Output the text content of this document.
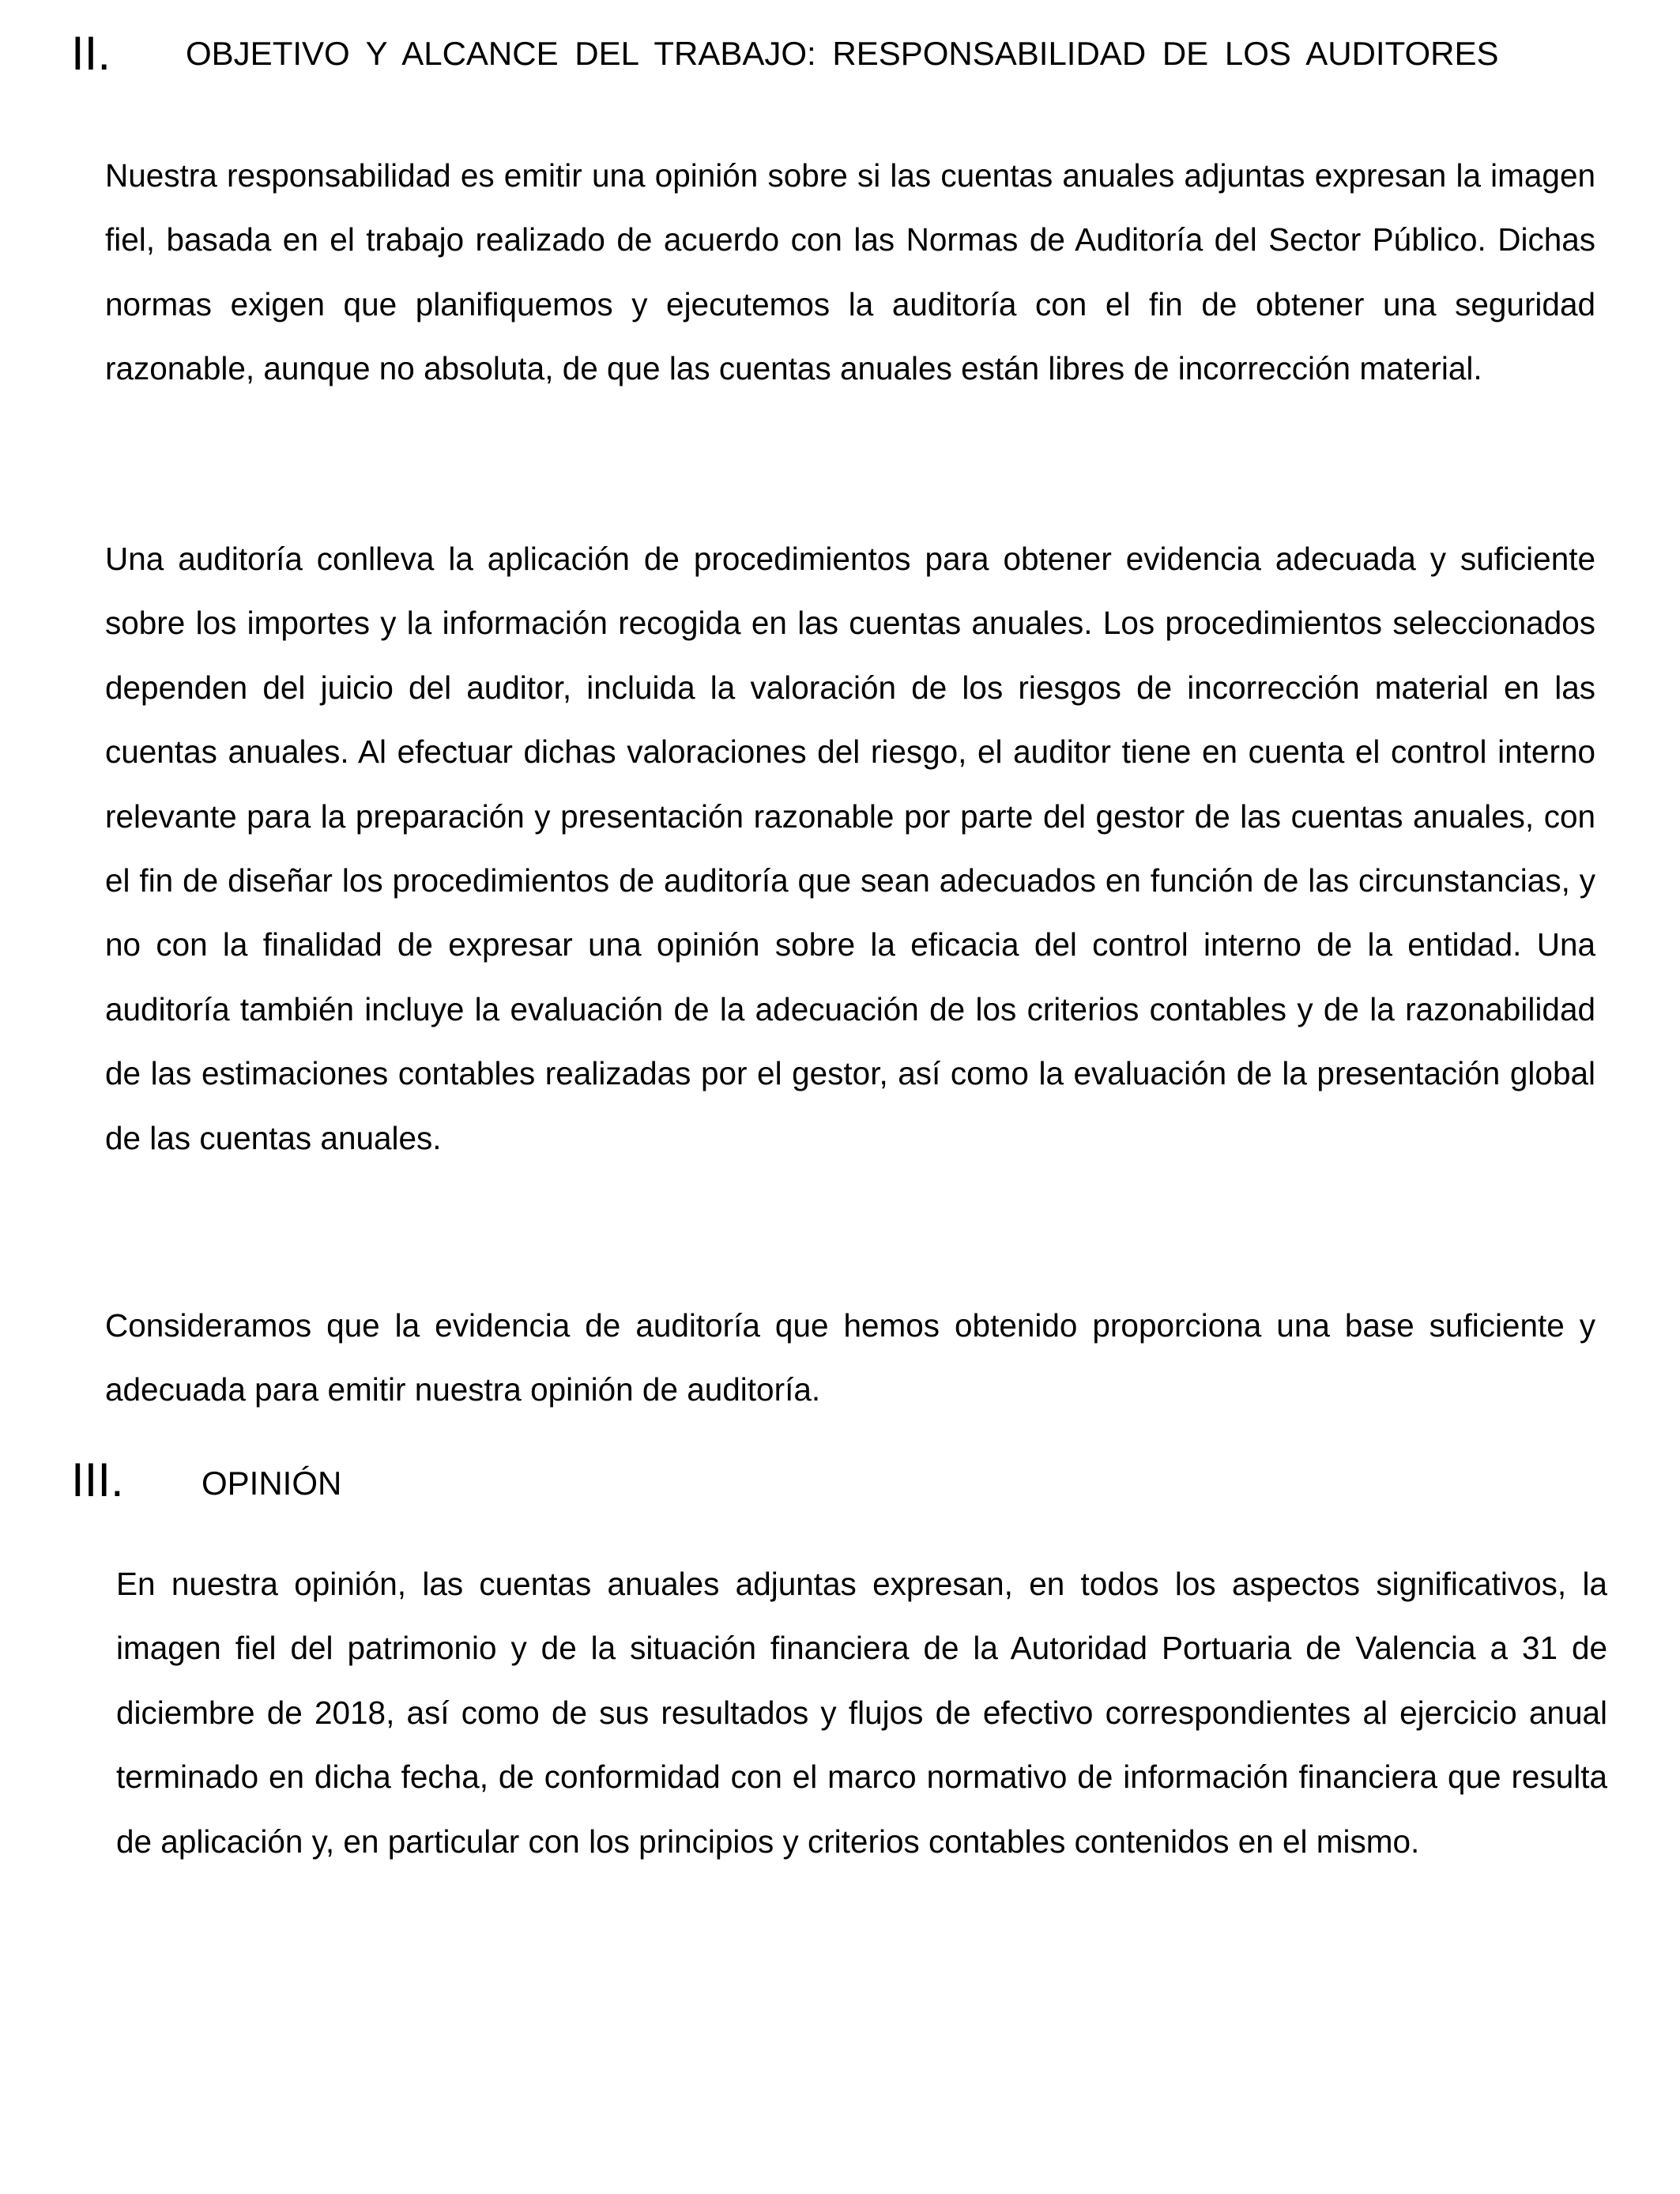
II. OBJETIVO Y ALCANCE DEL TRABAJO: RESPONSABILIDAD DE LOS AUDITORES

Nuestra responsabilidad es emitir una opinión sobre si las cuentas anuales adjuntas expresan la imagen fiel, basada en el trabajo realizado de acuerdo con las Normas de Auditoría del Sector Público. Dichas normas exigen que planifiquemos y ejecutemos la auditoría con el fin de obtener una seguridad razonable, aunque no absoluta, de que las cuentas anuales están libres de incorrección material.

Una auditoría conlleva la aplicación de procedimientos para obtener evidencia adecuada y suficiente sobre los importes y la información recogida en las cuentas anuales. Los procedimientos seleccionados dependen del juicio del auditor, incluida la valoración de los riesgos de incorrección material en las cuentas anuales. Al efectuar dichas valoraciones del riesgo, el auditor tiene en cuenta el control interno relevante para la preparación y presentación razonable por parte del gestor de las cuentas anuales, con el fin de diseñar los procedimientos de auditoría que sean adecuados en función de las circunstancias, y no con la finalidad de expresar una opinión sobre la eficacia del control interno de la entidad. Una auditoría también incluye la evaluación de la adecuación de los criterios contables y de la razonabilidad de las estimaciones contables realizadas por el gestor, así como la evaluación de la presentación global de las cuentas anuales.

Consideramos que la evidencia de auditoría que hemos obtenido proporciona una base suficiente y adecuada para emitir nuestra opinión de auditoría.

III. OPINIÓN

En nuestra opinión, las cuentas anuales adjuntas expresan, en todos los aspectos significativos, la imagen fiel del patrimonio y de la situación financiera de la Autoridad Portuaria de Valencia a 31 de diciembre de 2018, así como de sus resultados y flujos de efectivo correspondientes al ejercicio anual terminado en dicha fecha, de conformidad con el marco normativo de información financiera que resulta de aplicación y, en particular con los principios y criterios contables contenidos en el mismo.
